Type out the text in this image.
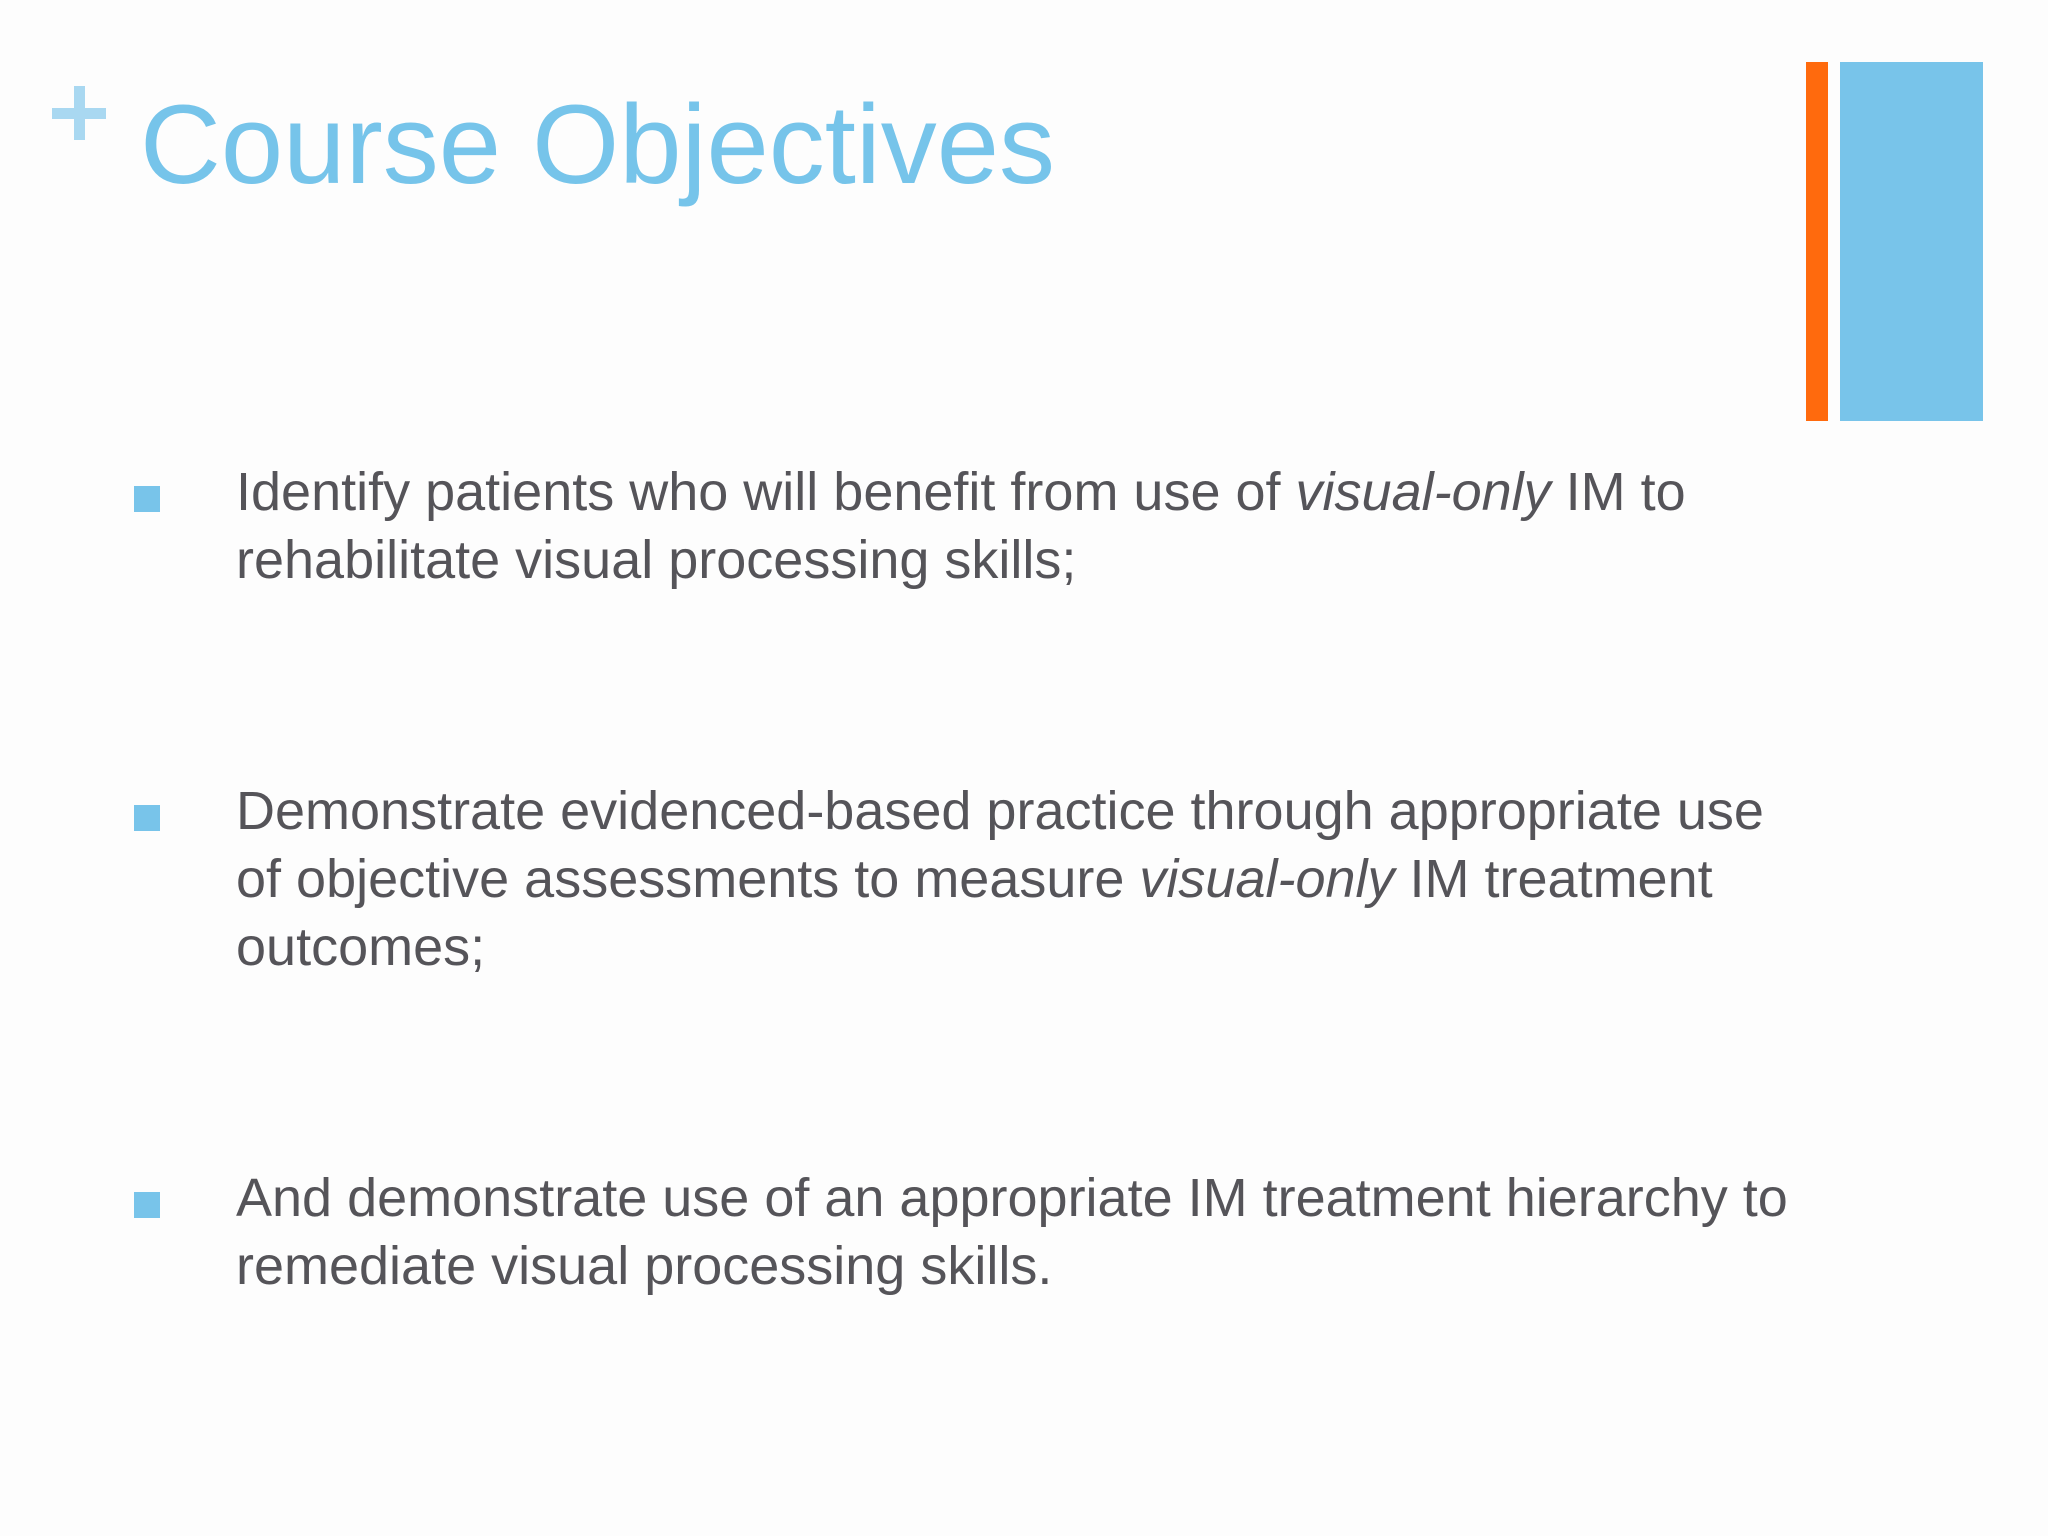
Course Objectives
Identify patients who will benefit from use of visual-only IM to rehabilitate visual processing skills;
Demonstrate evidenced-based practice through appropriate use of objective assessments to measure visual-only IM treatment outcomes;
And demonstrate use of an appropriate IM treatment hierarchy to remediate visual processing skills.
